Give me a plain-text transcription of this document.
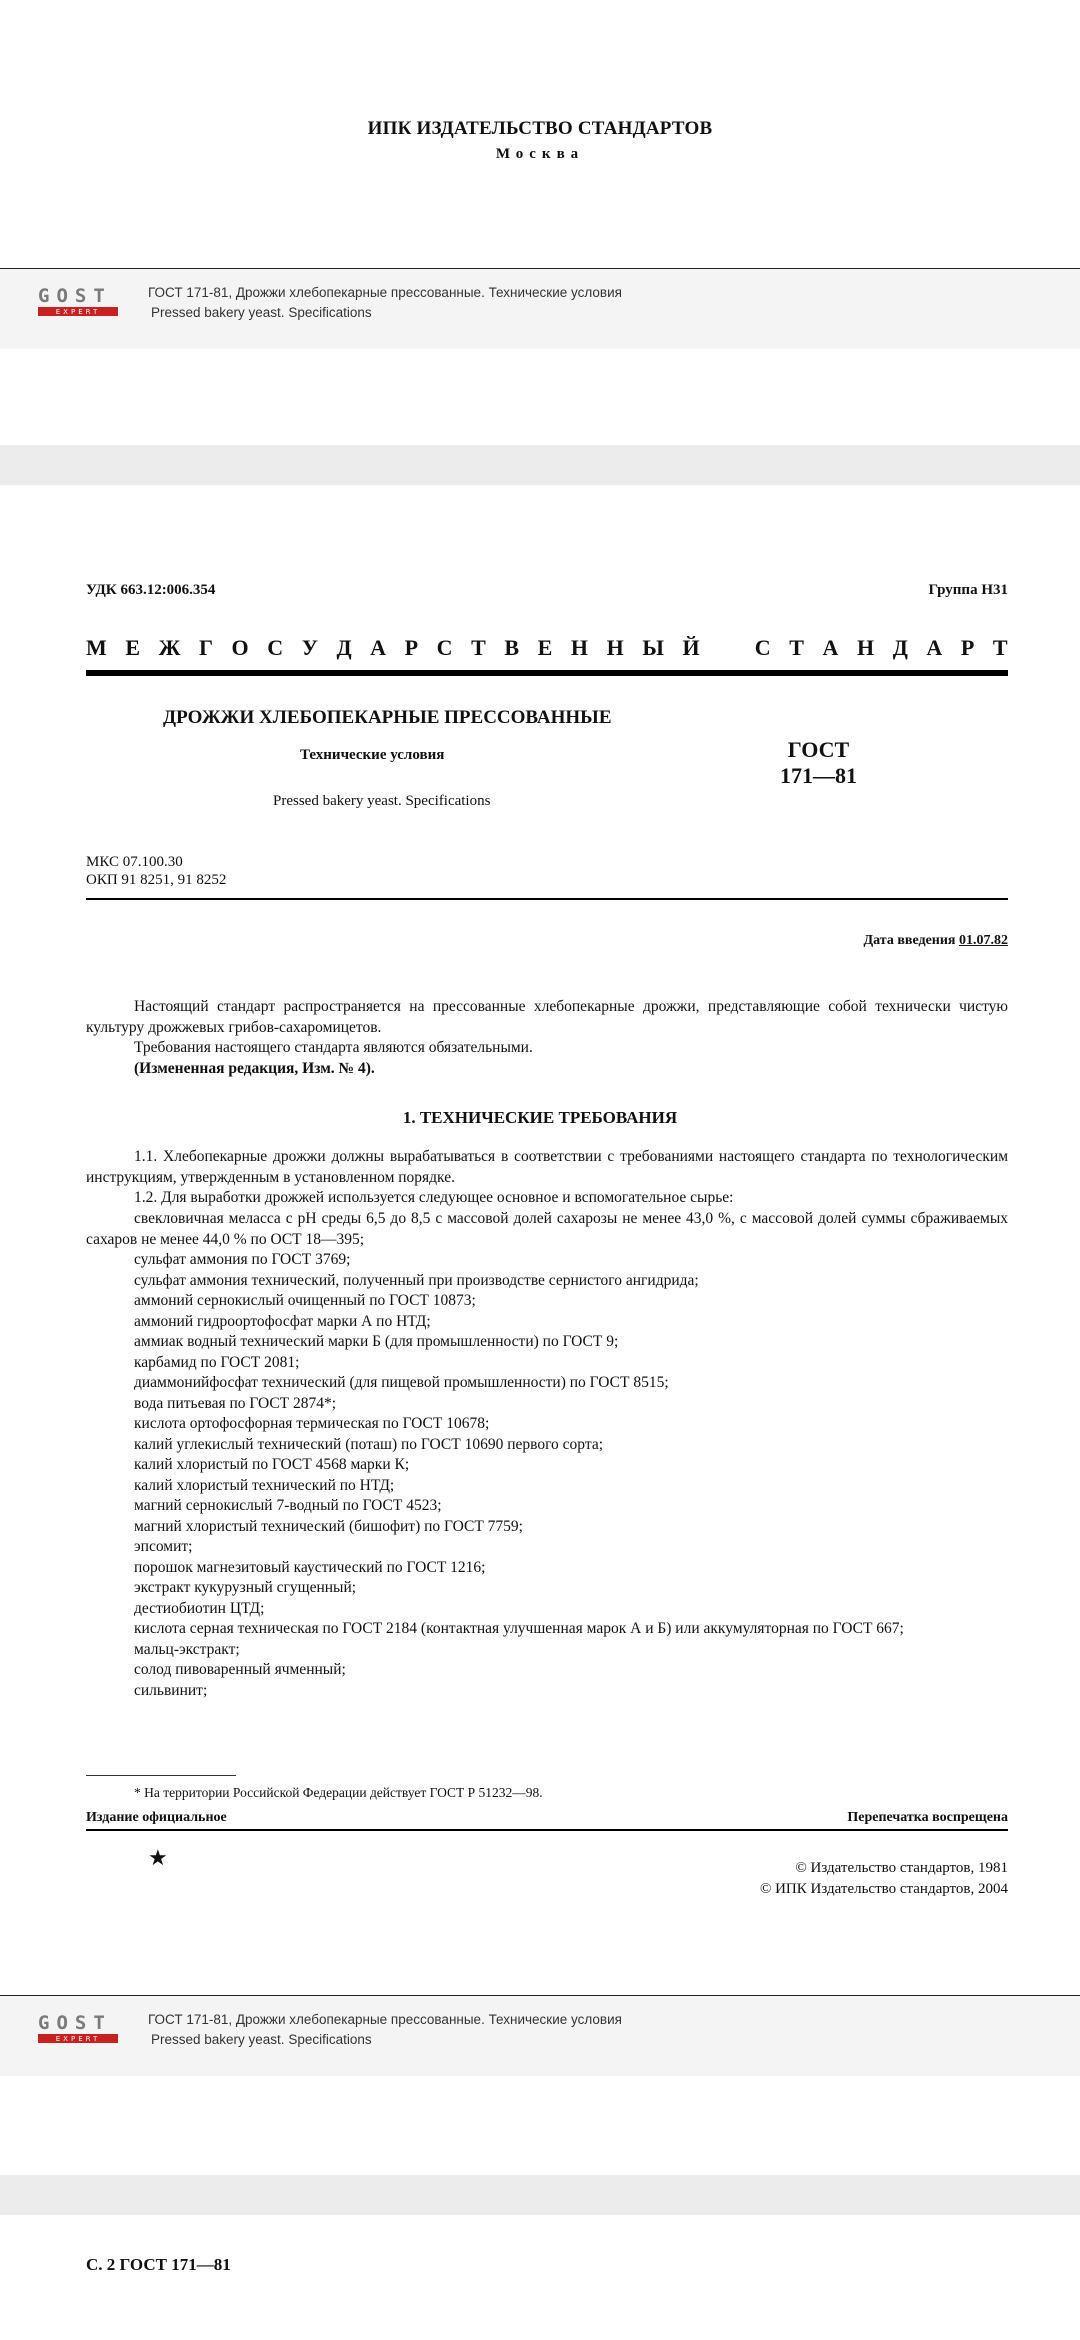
ИПК ИЗДАТЕЛЬСТВО СТАНДАРТОВ
Москва
GOST
EXPERT
ГОСТ 171-81, Дрожжи хлебопекарные прессованные. Технические условия
Pressed bakery yeast. Specifications
УДК 663.12:006.354	Группа Н31
М Е Ж Г О С У Д А Р С Т В Е Н Н Ы Й	С Т А Н Д А Р Т
ДРОЖЖИ ХЛЕБОПЕКАРНЫЕ ПРЕССОВАННЫЕ
Технические условия
Pressed bakery yeast. Specifications
ГОСТ
171—81
МКС 07.100.30
ОКП 91 8251, 91 8252
Дата введения 01.07.82
Настоящий стандарт распространяется на прессованные хлебопекарные дрожжи, представляющие собой технически чистую культуру дрожжевых грибов-сахаромицетов.
Требования настоящего стандарта являются обязательными.
(Измененная редакция, Изм. № 4).
1. ТЕХНИЧЕСКИЕ ТРЕБОВАНИЯ
1.1. Хлебопекарные дрожжи должны вырабатываться в соответствии с требованиями настоящего стандарта по технологическим инструкциям, утвержденным в установленном порядке.
1.2. Для выработки дрожжей используется следующее основное и вспомогательное сырье:
свекловичная меласса с pH среды 6,5 до 8,5 с массовой долей сахарозы не менее 43,0 %, с массовой долей суммы сбраживаемых сахаров не менее 44,0 % по ОСТ 18—395;
сульфат аммония по ГОСТ 3769;
сульфат аммония технический, полученный при производстве сернистого ангидрида;
аммоний сернокислый очищенный по ГОСТ 10873;
аммоний гидроортофосфат марки А по НТД;
аммиак водный технический марки Б (для промышленности) по ГОСТ 9;
карбамид по ГОСТ 2081;
диаммонийфосфат технический (для пищевой промышленности) по ГОСТ 8515;
вода питьевая по ГОСТ 2874*;
кислота ортофосфорная термическая по ГОСТ 10678;
калий углекислый технический (поташ) по ГОСТ 10690 первого сорта;
калий хлористый по ГОСТ 4568 марки К;
калий хлористый технический по НТД;
магний сернокислый 7-водный по ГОСТ 4523;
магний хлористый технический (бишофит) по ГОСТ 7759;
эпсомит;
порошок магнезитовый каустический по ГОСТ 1216;
экстракт кукурузный сгущенный;
дестиобиотин ЦТД;
кислота серная техническая по ГОСТ 2184 (контактная улучшенная марок А и Б) или аккумуляторная по ГОСТ 667;
мальц-экстракт;
солод пивоваренный ячменный;
сильвинит;
* На территории Российской Федерации действует ГОСТ Р 51232—98.
Издание официальное	Перепечатка воспрещена
★	© Издательство стандартов, 1981
© ИПК Издательство стандартов, 2004
GOST
EXPERT
ГОСТ 171-81, Дрожжи хлебопекарные прессованные. Технические условия
Pressed bakery yeast. Specifications
С. 2 ГОСТ 171—81
